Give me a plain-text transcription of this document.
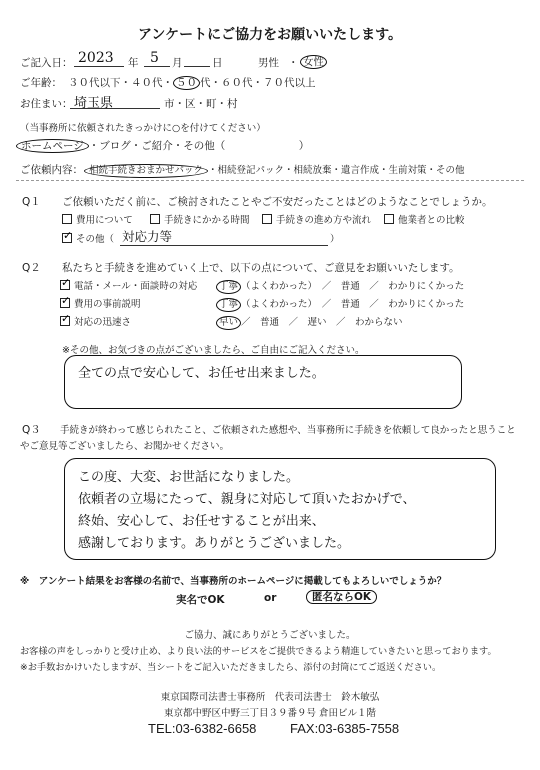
アンケートにご協力をお願いいたします。
ご記入日： 2023	年 5 月	日	男性 ・ 女性
ご年齢： ３０代以下・４０代・ ５０ 代・６０代・７０代以上
お住まい： 埼玉県	市・区・町・村
（当事務所に依頼されたきっかけに○を付けてください）
ホームページ ・ブログ・ご紹介・その他（　　　　　　　）
ご依頼内容： 相続手続きおまかせパック ・相続登記パック・相続放棄・遺言作成・生前対策・その他
Q１ ご依頼いただく前に、ご検討されたことやご不安だったことはどのようなことでしょうか。
費用について	手続きにかかる時間	手続きの進め方や流れ	他業者との比較
✓その他（ 対応力等	）
Q２ 私たちと手続きを進めていく上で、以下の点について、ご意見をお願いいたします。
✓電話・メール・面談時の対応	丁寧 （よくわかった）　／　普通　／　わかりにくかった
✓費用の事前説明	丁寧 （よくわかった）　／　普通　／　わかりにくかった
✓対応の迅速さ	早い ／　普通　／　遅い　／　わからない
※その他、お気づきの点がございましたら、ご自由にご記入ください。
全ての点で安心して、お任せ出来ました。
Q３ 手続きが終わって感じられたこと、ご依頼された感想や、当事務所に手続きを依頼して良かったと思うこと
やご意見等ございましたら、お聞かせください。
この度、大変、お世話になりました。
依頼者の立場にたって、親身に対応して頂いたおかげで、
終始、安心して、お任せすることが出来、
感謝しております。ありがとうございました。
※　アンケート結果をお客様の名前で、当事務所のホームページに掲載してもよろしいでしょうか？
実名でOK	or	匿名ならOK
ご協力、誠にありがとうございました。
お客様の声をしっかりと受け止め、より良い法的サービスをご提供できるよう精進していきたいと思っております。
※お手数おかけいたしますが、当シートをご記入いただきましたら、添付の封筒にてご返送ください。
東京国際司法書士事務所　代表司法書士　鈴木敏弘
東京都中野区中野三丁目３９番９号 倉田ビル１階
TEL:03-6382-6658	FAX:03-6385-7558
